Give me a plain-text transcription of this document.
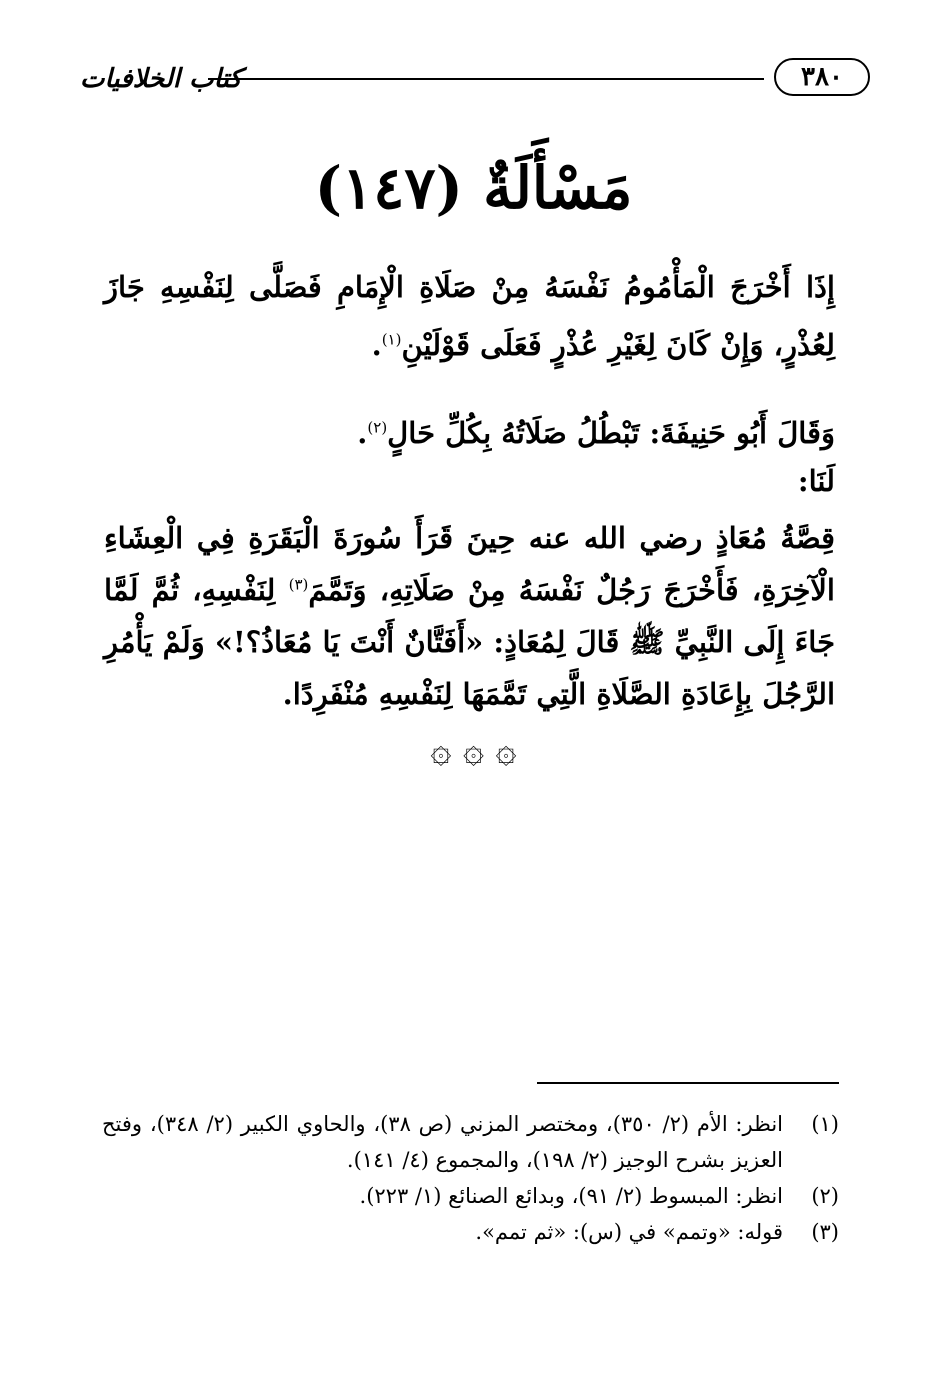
٣٨٠
كتاب الخلافيات
مَسْأَلَةٌ (١٤٧)
إِذَا أَخْرَجَ الْمَأْمُومُ نَفْسَهُ مِنْ صَلَاةِ الْإِمَامِ فَصَلَّى لِنَفْسِهِ جَازَ لِعُذْرٍ، وَإِنْ كَانَ لِغَيْرِ عُذْرٍ فَعَلَى قَوْلَيْنِ$^{(١)}$.
وَقَالَ أَبُو حَنِيفَةَ: تَبْطُلُ صَلَاتُهُ بِكُلِّ حَالٍ$^{(٢)}$.
لَنَا:
قِصَّةُ مُعَاذٍ رضي الله عنه حِينَ قَرَأَ سُورَةَ الْبَقَرَةِ فِي الْعِشَاءِ الْآخِرَةِ، فَأَخْرَجَ رَجُلٌ نَفْسَهُ مِنْ صَلَاتِهِ، وَتَمَّمَ$^{(٣)}$ لِنَفْسِهِ، ثُمَّ لَمَّا جَاءَ إِلَى النَّبِيِّ ﷺ قَالَ لِمُعَاذٍ: «أَفَتَّانٌ أَنْتَ يَا مُعَاذُ؟!» وَلَمْ يَأْمُرِ الرَّجُلَ بِإِعَادَةِ الصَّلَاةِ الَّتِي تَمَّمَهَا لِنَفْسِهِ مُنْفَرِدًا.
۞ ۞ ۞
(١)
انظر: الأم (٢/ ٣٥٠)، ومختصر المزني (ص ٣٨)، والحاوي الكبير (٢/ ٣٤٨)، وفتح العزيز بشرح الوجيز (٢/ ١٩٨)، والمجموع (٤/ ١٤١).
(٢)
انظر: المبسوط (٢/ ٩١)، وبدائع الصنائع (١/ ٢٢٣).
(٣)
قوله: «وتمم» في (س): «ثم تمم».
